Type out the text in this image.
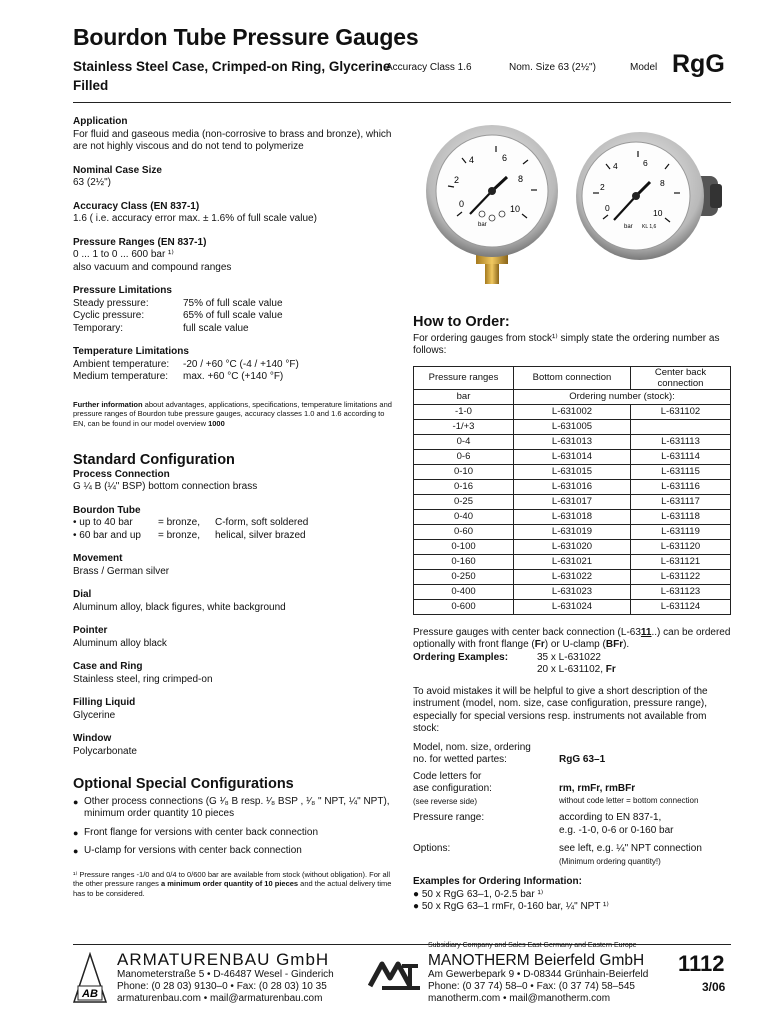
Bourdon Tube Pressure Gauges
Stainless Steel Case, Crimped-on Ring, Glycerine Filled
Accuracy Class 1.6	Nom. Size 63 (2½")	Model RgG
Application

For fluid and gaseous media (non-corrosive to brass and bronze), which are not highly viscous and do not tend to polymerize

Nominal Case Size

63 (2½")

Accuracy Class (EN 837-1)

1.6 ( i.e. accuracy error max. ± 1.6% of full scale value)

Pressure Ranges (EN 837-1)

0 ... 1 to 0 ... 600 bar ¹⁾

also vacuum and compound ranges

Pressure Limitations
Steady pressure:	75% of full scale value
Cyclic pressure:	65% of full scale value
Temporary:	full scale value
Temperature Limitations
Ambient temperature:	-20 / +60 °C (-4 / +140 °F)
Medium temperature:	max. +60 °C (+140 °F)
Further information about advantages, applications, specifications, temperature limitations and pressure ranges of Bourdon tube pressure gauges, accuracy classes 1.0 and 1.6 according to EN, can be found in our model overview 1000
Standard Configuration
Process Connection

G ¼ B (¼" BSP) bottom connection brass

Bourdon Tube
• up to 40 bar	= bronze,	C-form, soft soldered
• 60 bar and up	= bronze,	helical, silver brazed
Movement

Brass / German silver

Dial

Aluminum alloy, black figures, white background

Pointer

Aluminum alloy black

Case and Ring

Stainless steel, ring crimped-on

Filling Liquid

Glycerine

Window

Polycarbonate

Optional Special Configurations
● Other process connections (G ¹⁄₈ B resp. ¹⁄₈ BSP , ¹⁄₈ " NPT, ¼" NPT), minimum order quantity 10 pieces
● Front flange for versions with center back connection
● U-clamp for versions with center back connection
¹⁾ Pressure ranges -1/0 and 0/4 to 0/600 bar are available from stock (without obligation). For all the other pressure ranges a minimum order quantity of 10 pieces and the actual delivery time has to be considered.
0
2
4	6
8
10
bar
0
2
4	6
8
10
bar KL 1,6
How to Order:

For ordering gauges from stock¹⁾ simply state the ordering number as follows:

Pressure ranges	Bottom connection	Center back connection
bar	Ordering number (stock):	
-1-0	L-631002	L-631102
-1/+3	L-631005	
0-4	L-631013	L-631113
0-6	L-631014	L-631114
0-10	L-631015	L-631115
0-16	L-631016	L-631116
0-25	L-631017	L-631117
0-40	L-631018	L-631118
0-60	L-631019	L-631119
0-100	L-631020	L-631120
0-160	L-631021	L-631121
0-250	L-631022	L-631122
0-400	L-631023	L-631123
0-600	L-631024	L-631124
Pressure gauges with center back connection (L-6311..) can be ordered optionally with front flange (Fr) or U-clamp (BFr).
Ordering Examples:	35 x L-631022
20 x L-631102, Fr

To avoid mistakes it will be helpful to give a short description of the instrument (model, nom. size, case configuration, pressure range), especially for special versions resp. instruments not available from stock:

Model, nom. size, ordering no. for wetted partes:	RgG 63–1
Code letters for
ase configuration:
(see reverse side)
rm, rmFr, rmBFr
without code letter = bottom connection
Pressure range:	according to EN 837-1,
e.g. -1-0, 0-6 or 0-160 bar
Options:	see left, e.g. ¼" NPT connection
(Minimum ordering quantity!)
Examples for Ordering Information:
● 50 x RgG 63–1, 0-2.5 bar ¹⁾
● 50 x RgG 63–1 rmFr, 0-160 bar, ¼" NPT ¹⁾
AB
ARMATURENBAU GmbH
Manometerstraße 5 • D-46487 Wesel - Ginderich
Phone: (0 28 03) 9130–0 • Fax: (0 28 03) 10 35
armaturenbau.com • mail@armaturenbau.com
Subsidiary Company and Sales East Germany and Eastern Europe
MANOTHERM Beierfeld GmbH
Am Gewerbepark 9 • D-08344 Grünhain-Beierfeld
Phone: (0 37 74) 58–0 • Fax: (0 37 74) 58–545
manotherm.com • mail@manotherm.com
1112
3/06
